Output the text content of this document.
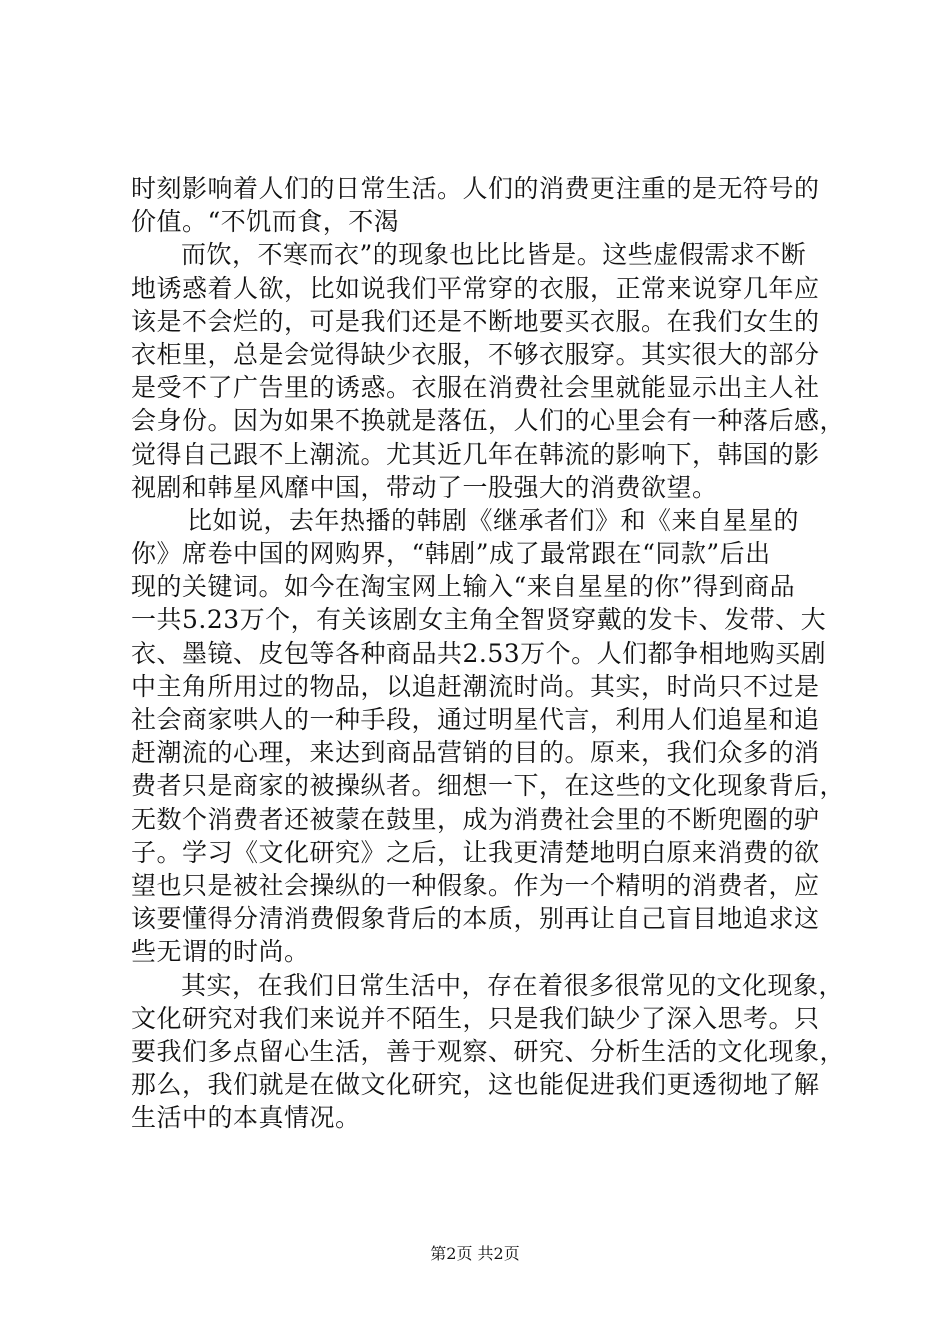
时刻影响着人们的日常生活。人们的消费更注重的是无符号的
价值。“不饥而食，不渴
而饮，不寒而衣”的现象也比比皆是。这些虚假需求不断
地诱惑着人欲，比如说我们平常穿的衣服，正常来说穿几年应
该是不会烂的，可是我们还是不断地要买衣服。在我们女生的
衣柜里，总是会觉得缺少衣服，不够衣服穿。其实很大的部分
是受不了广告里的诱惑。衣服在消费社会里就能显示出主人社
会身份。因为如果不换就是落伍，人们的心里会有一种落后感，
觉得自己跟不上潮流。尤其近几年在韩流的影响下，韩国的影
视剧和韩星风靡中国，带动了一股强大的消费欲望。
比如说，去年热播的韩剧《继承者们》和《来自星星的
你》席卷中国的网购界，“韩剧”成了最常跟在“同款”后出
现的关键词。如今在淘宝网上输入“来自星星的你”得到商品
一共5.23万个，有关该剧女主角全智贤穿戴的发卡、发带、大
衣、墨镜、皮包等各种商品共2.53万个。人们都争相地购买剧
中主角所用过的物品，以追赶潮流时尚。其实，时尚只不过是
社会商家哄人的一种手段，通过明星代言，利用人们追星和追
赶潮流的心理，来达到商品营销的目的。原来，我们众多的消
费者只是商家的被操纵者。细想一下，在这些的文化现象背后，
无数个消费者还被蒙在鼓里，成为消费社会里的不断兜圈的驴
子。学习《文化研究》之后，让我更清楚地明白原来消费的欲
望也只是被社会操纵的一种假象。作为一个精明的消费者，应
该要懂得分清消费假象背后的本质，别再让自己盲目地追求这
些无谓的时尚。
其实，在我们日常生活中，存在着很多很常见的文化现象，
文化研究对我们来说并不陌生，只是我们缺少了深入思考。只
要我们多点留心生活，善于观察、研究、分析生活的文化现象，
那么，我们就是在做文化研究，这也能促进我们更透彻地了解
生活中的本真情况。
第2页 共2页
